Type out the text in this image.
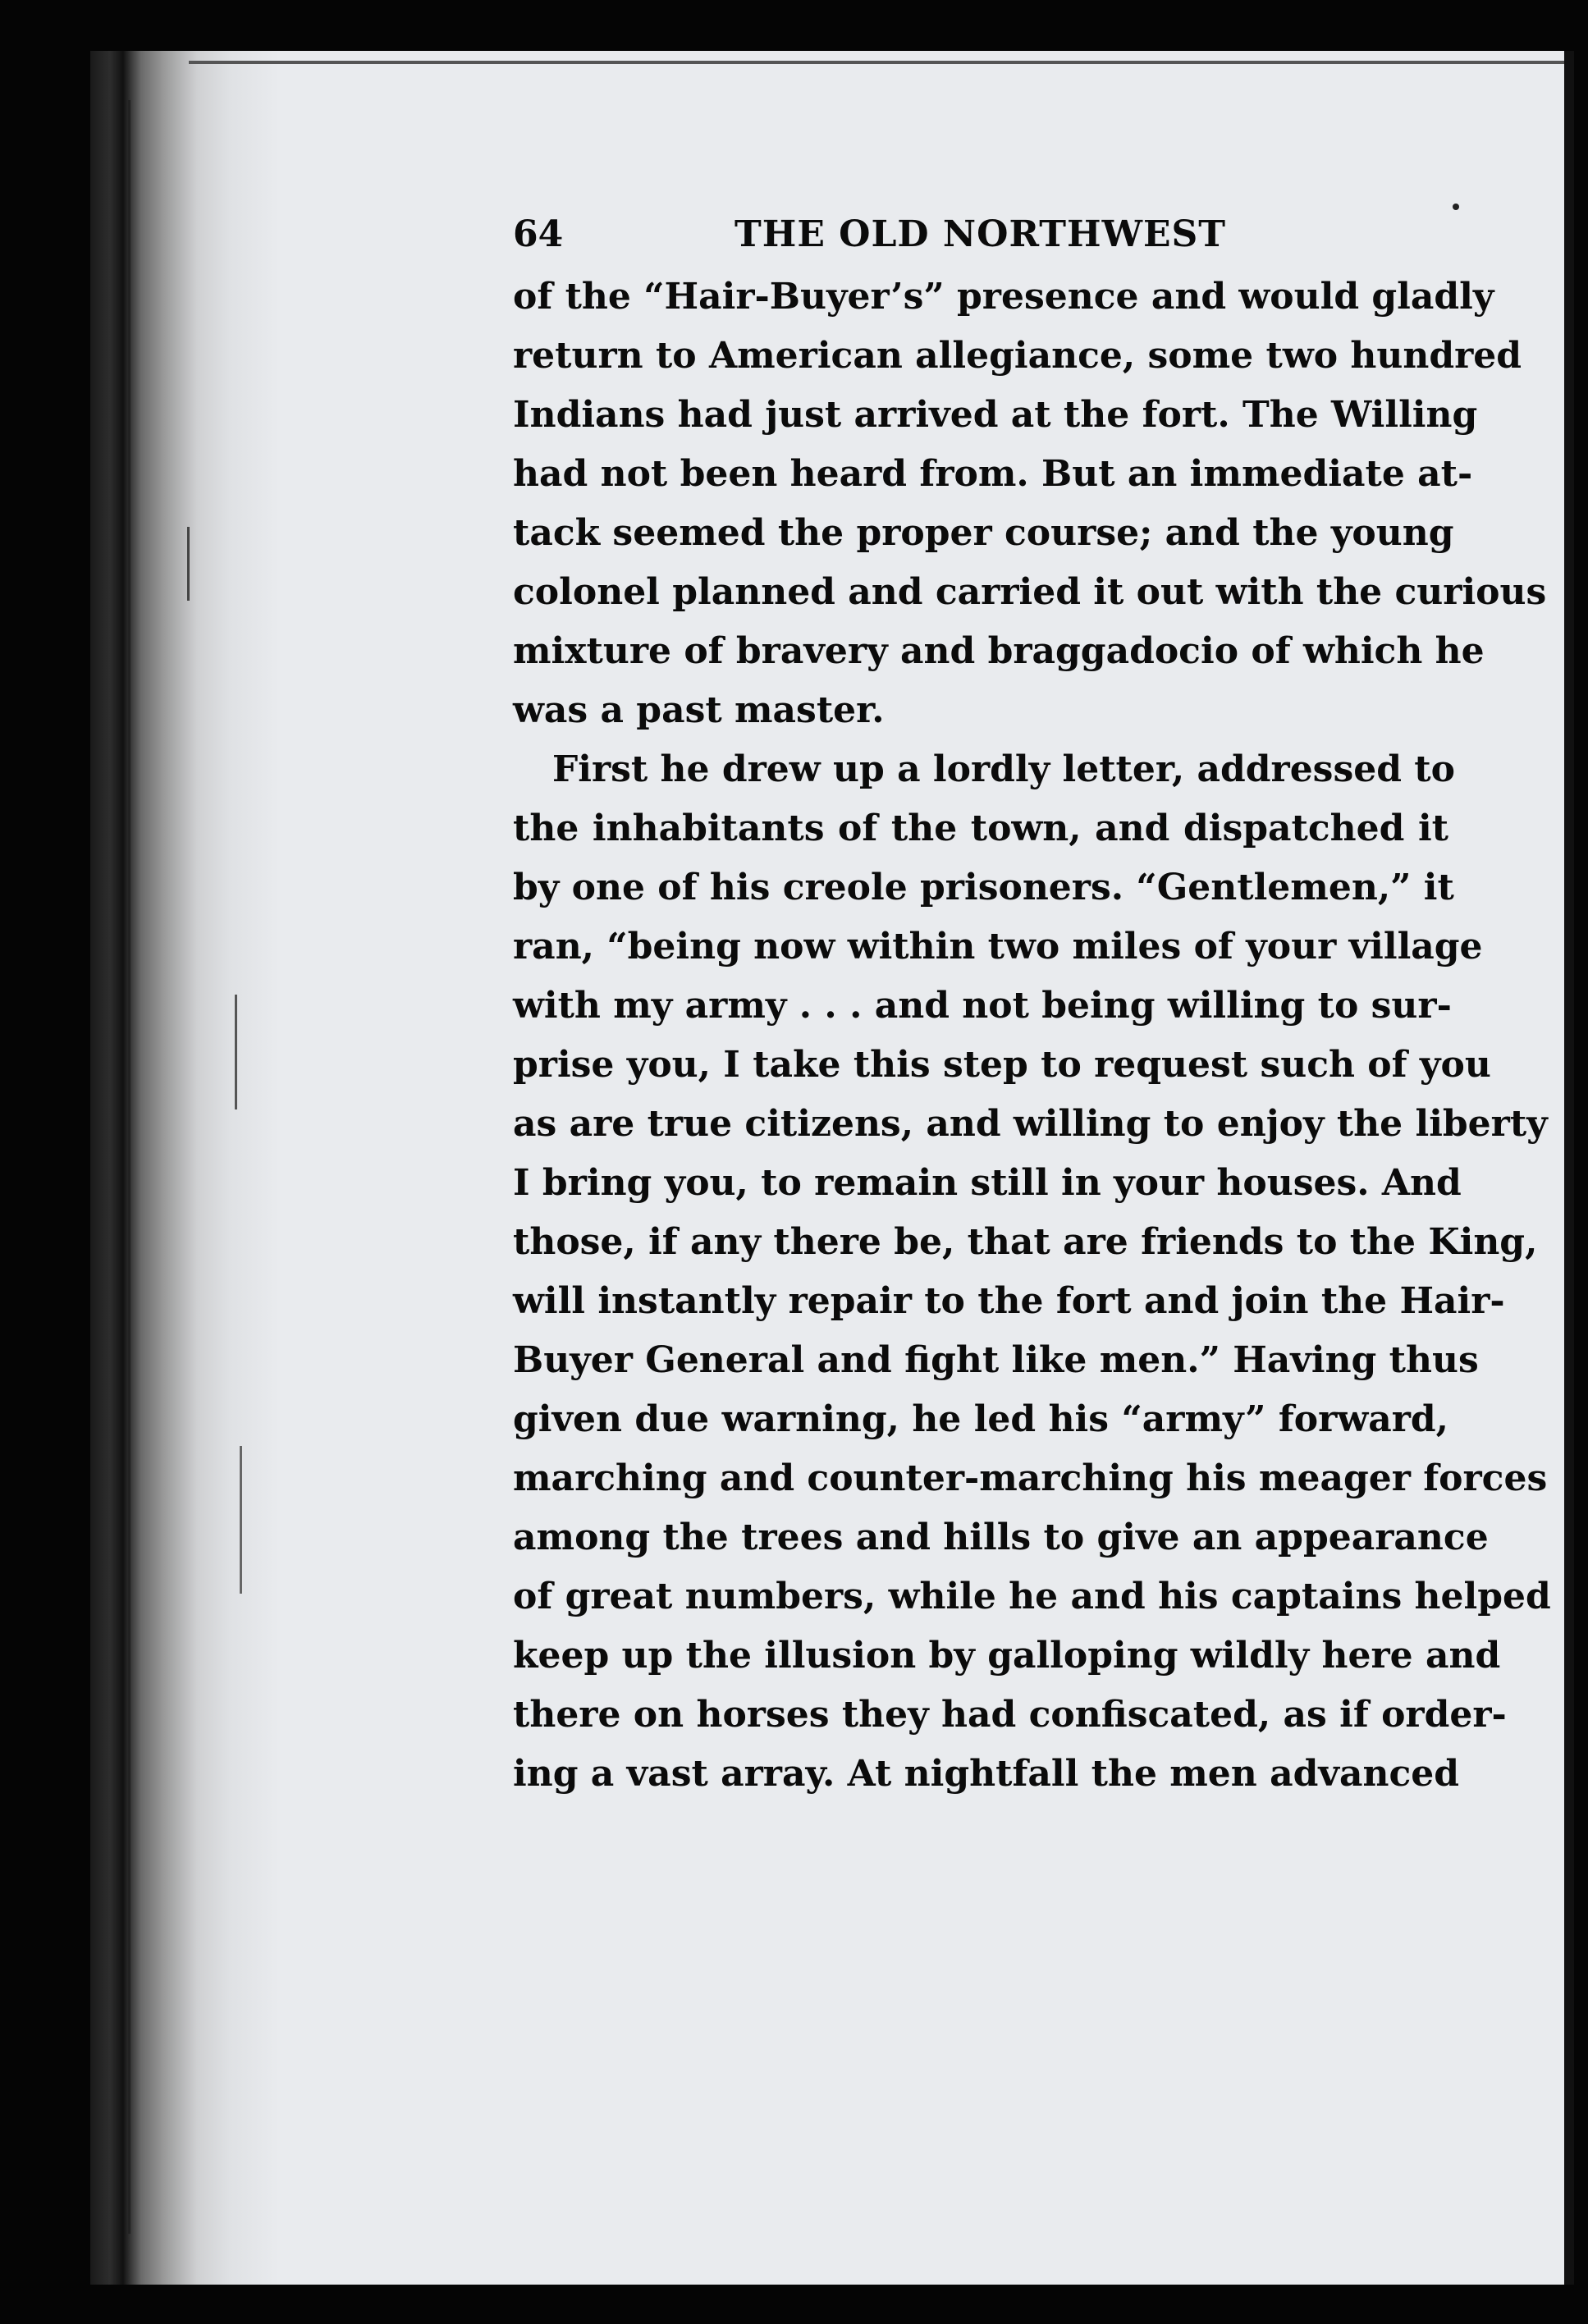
64	THE OLD NORTHWEST
of the “Hair-Buyer’s” presence and would gladly
return to American allegiance, some two hundred
Indians had just arrived at the fort. The Willing
had not been heard from. But an immediate at-
tack seemed the proper course; and the young
colonel planned and carried it out with the curious
mixture of bravery and braggadocio of which he
was a past master.
First he drew up a lordly letter, addressed to
the inhabitants of the town, and dispatched it
by one of his creole prisoners. “Gentlemen,” it
ran, “being now within two miles of your village
with my army . . . and not being willing to sur-
prise you, I take this step to request such of you
as are true citizens, and willing to enjoy the liberty
I bring you, to remain still in your houses. And
those, if any there be, that are friends to the King,
will instantly repair to the fort and join the Hair-
Buyer General and fight like men.” Having thus
given due warning, he led his “army” forward,
marching and counter-marching his meager forces
among the trees and hills to give an appearance
of great numbers, while he and his captains helped
keep up the illusion by galloping wildly here and
there on horses they had confiscated, as if order-
ing a vast array. At nightfall the men advanced
